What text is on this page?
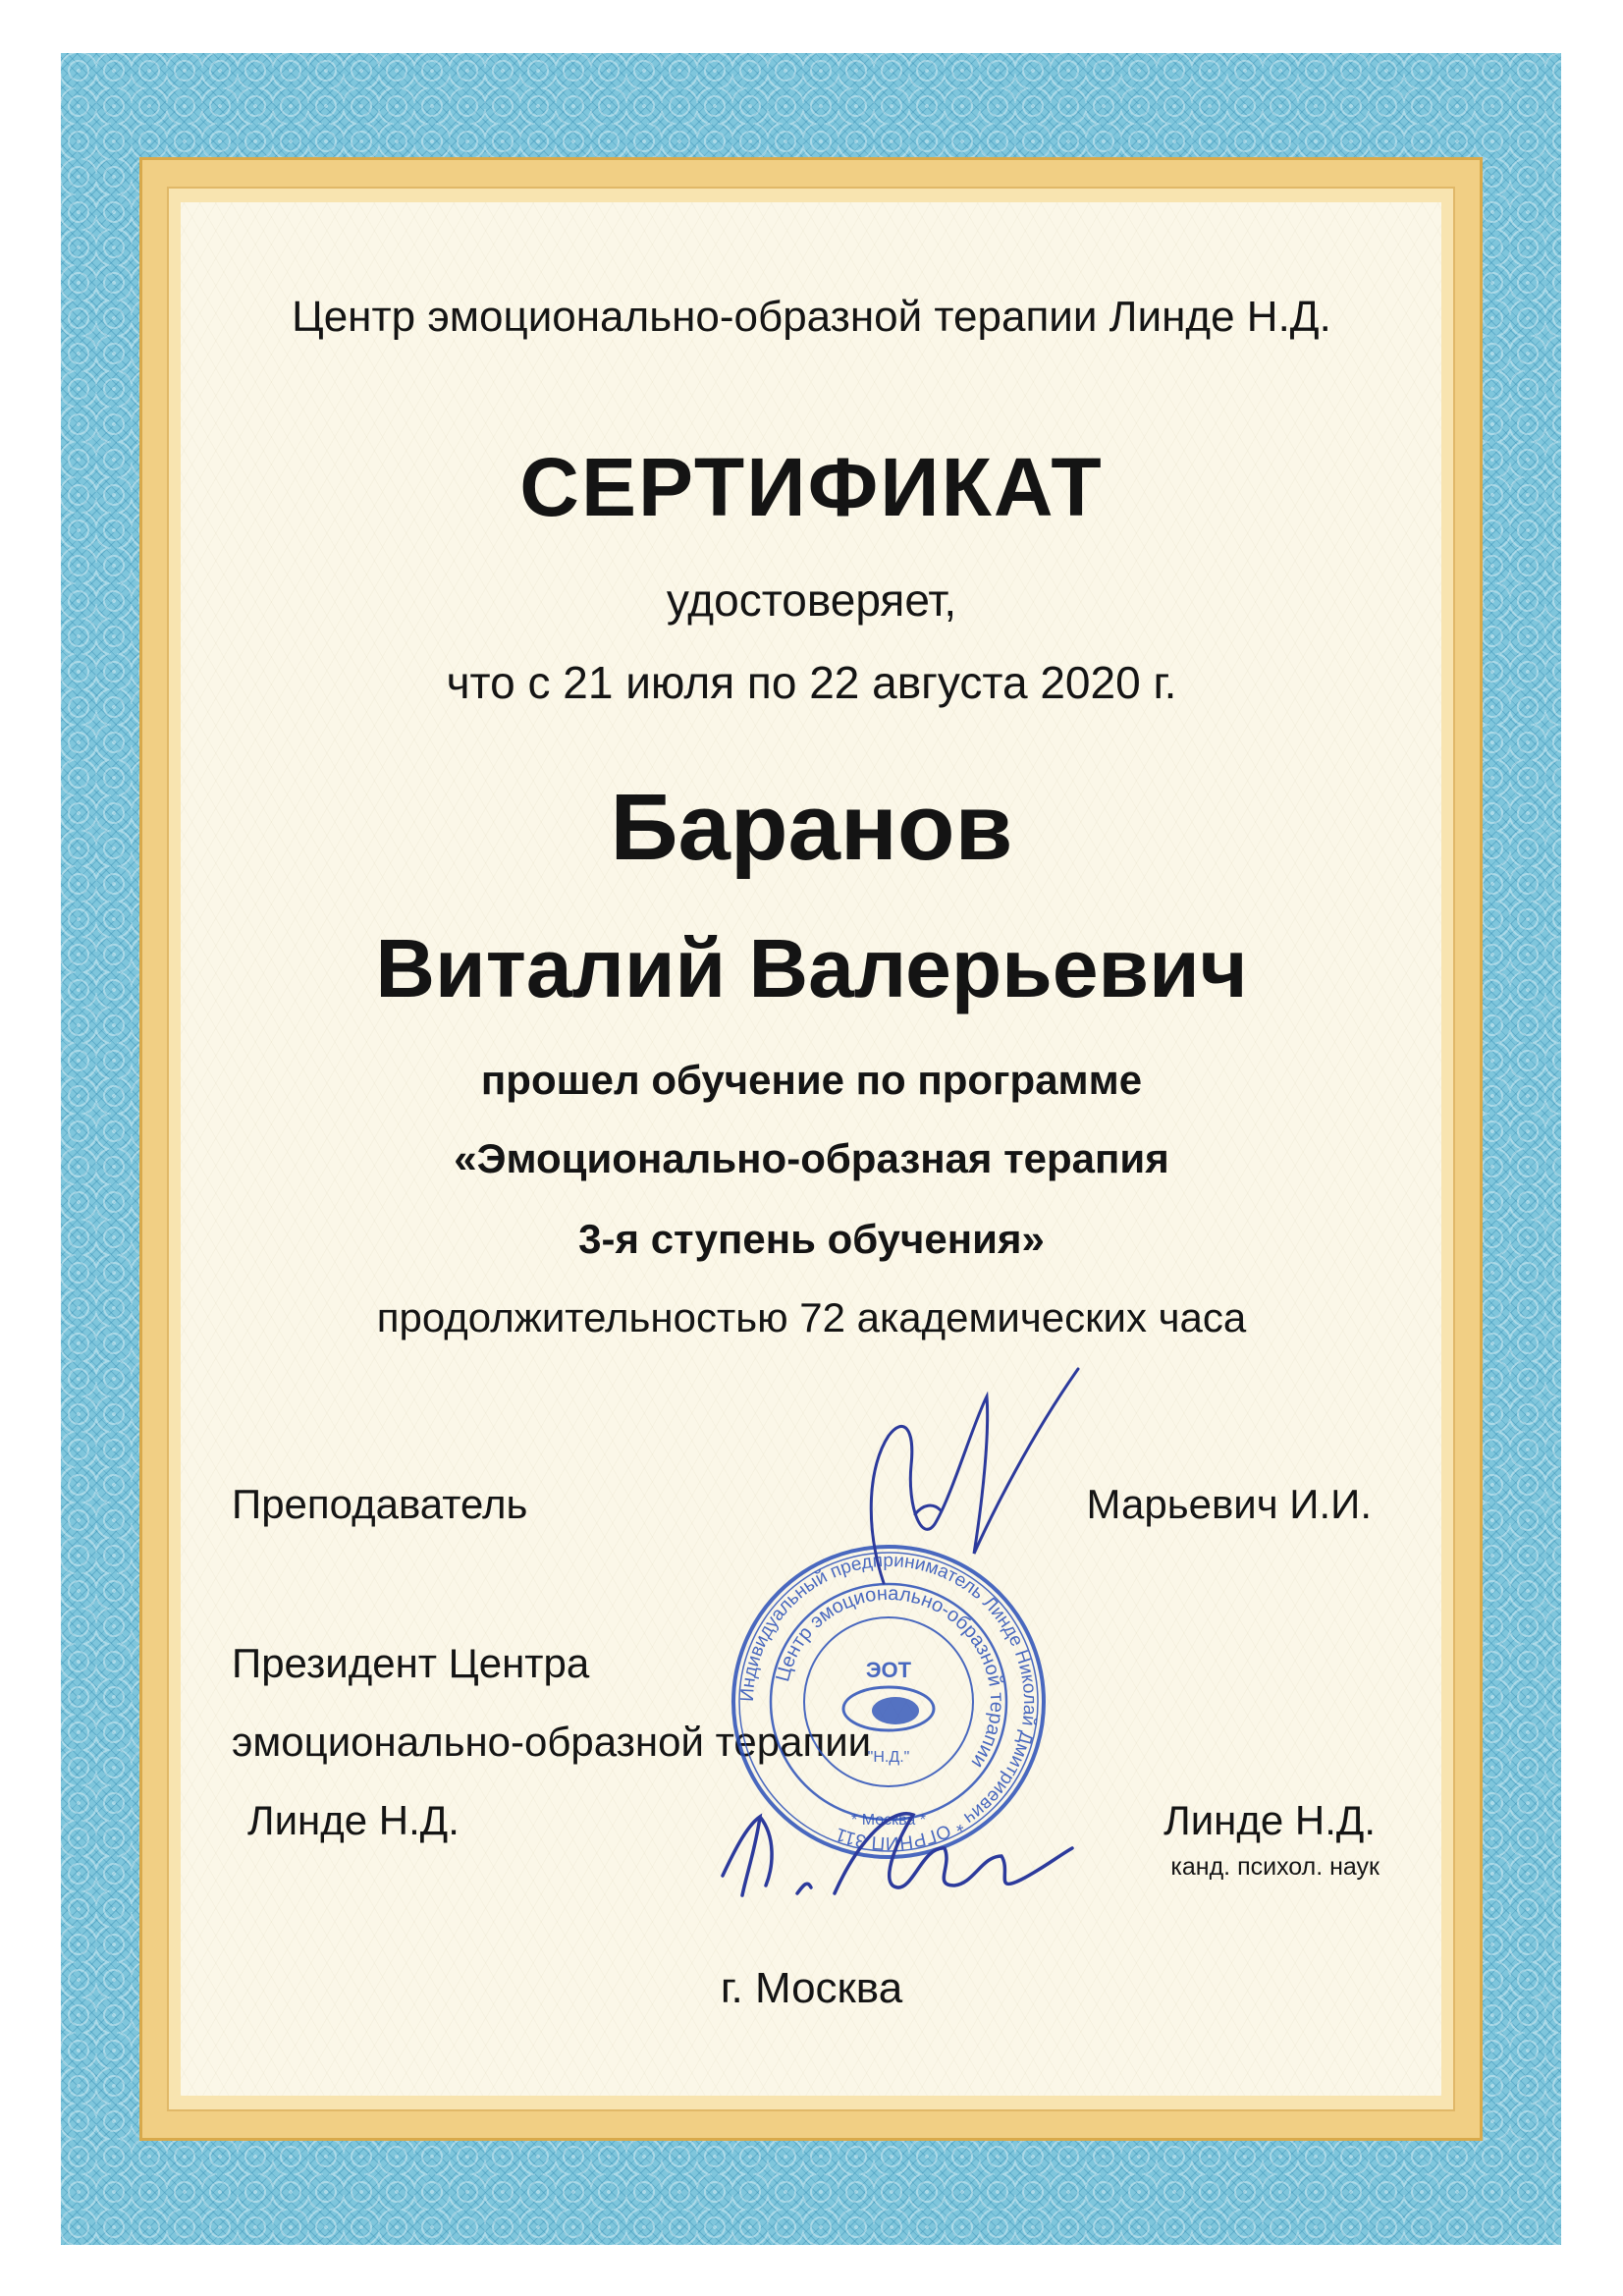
Центр эмоционально-образной терапии Линде Н.Д.
СЕРТИФИКАТ
удостоверяет,
что с 21 июля по 22 августа 2020 г.
Баранов
Виталий Валерьевич
прошел обучение по программе
«Эмоционально-образная терапия
3-я ступень обучения»
продолжительностью 72 академических часа
Преподаватель	Марьевич И.И.
Президент Центра
эмоционально-образной терапии
Линде Н.Д.	Линде Н.Д.
канд. психол. наук
Индивидуальный предприниматель Линде Николай Дмитриевич * ОГРНИП 311
Центр эмоционально-образной терапии
ЭОТ
"Н.Д."
* Москва *
г. Москва
